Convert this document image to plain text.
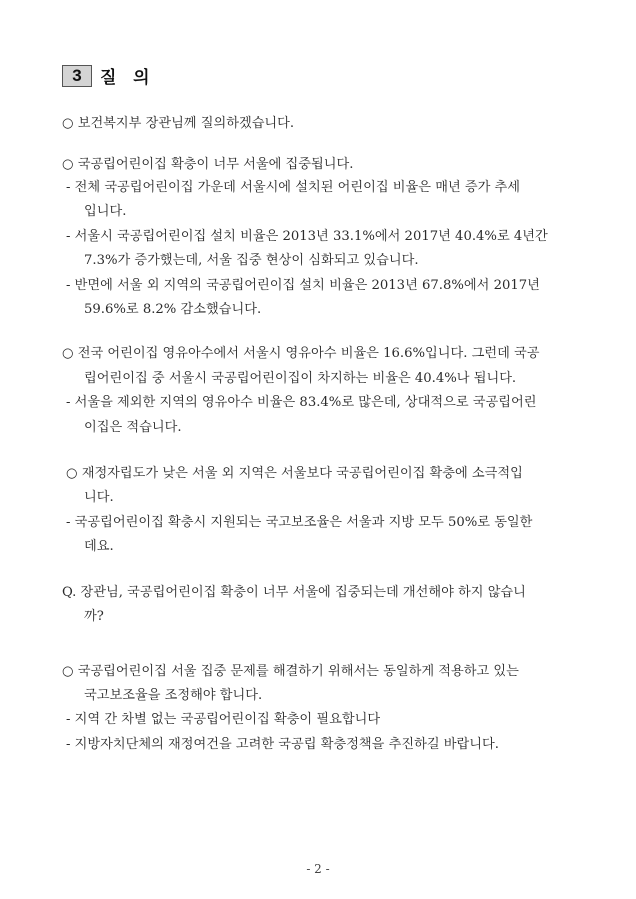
3	질 의
○ 보건복지부 장관님께 질의하겠습니다.
○ 국공립어린이집 확충이 너무 서울에 집중됩니다.
- 전체 국공립어린이집 가운데 서울시에 설치된 어린이집 비율은 매년 증가 추세
입니다.
- 서울시 국공립어린이집 설치 비율은 2013년 33.1%에서 2017년 40.4%로 4년간
7.3%가 증가했는데, 서울 집중 현상이 심화되고 있습니다.
- 반면에 서울 외 지역의 국공립어린이집 설치 비율은 2013년 67.8%에서 2017년
59.6%로 8.2% 감소했습니다.
○ 전국 어린이집 영유아수에서 서울시 영유아수 비율은 16.6%입니다. 그런데 국공
립어린이집 중 서울시 국공립어린이집이 차지하는 비율은 40.4%나 됩니다.
- 서울을 제외한 지역의 영유아수 비율은 83.4%로 많은데, 상대적으로 국공립어린
이집은 적습니다.
○ 재정자립도가 낮은 서울 외 지역은 서울보다 국공립어린이집 확충에 소극적입
니다.
- 국공립어린이집 확충시 지원되는 국고보조율은 서울과 지방 모두 50%로 동일한
데요.
Q. 장관님, 국공립어린이집 확충이 너무 서울에 집중되는데 개선해야 하지 않습니
까?
○ 국공립어린이집 서울 집중 문제를 해결하기 위해서는 동일하게 적용하고 있는
국고보조율을 조정해야 합니다.
- 지역 간 차별 없는 국공립어린이집 확충이 필요합니다
- 지방자치단체의 재정여건을 고려한 국공립 확충정책을 추진하길 바랍니다.
- 2 -
